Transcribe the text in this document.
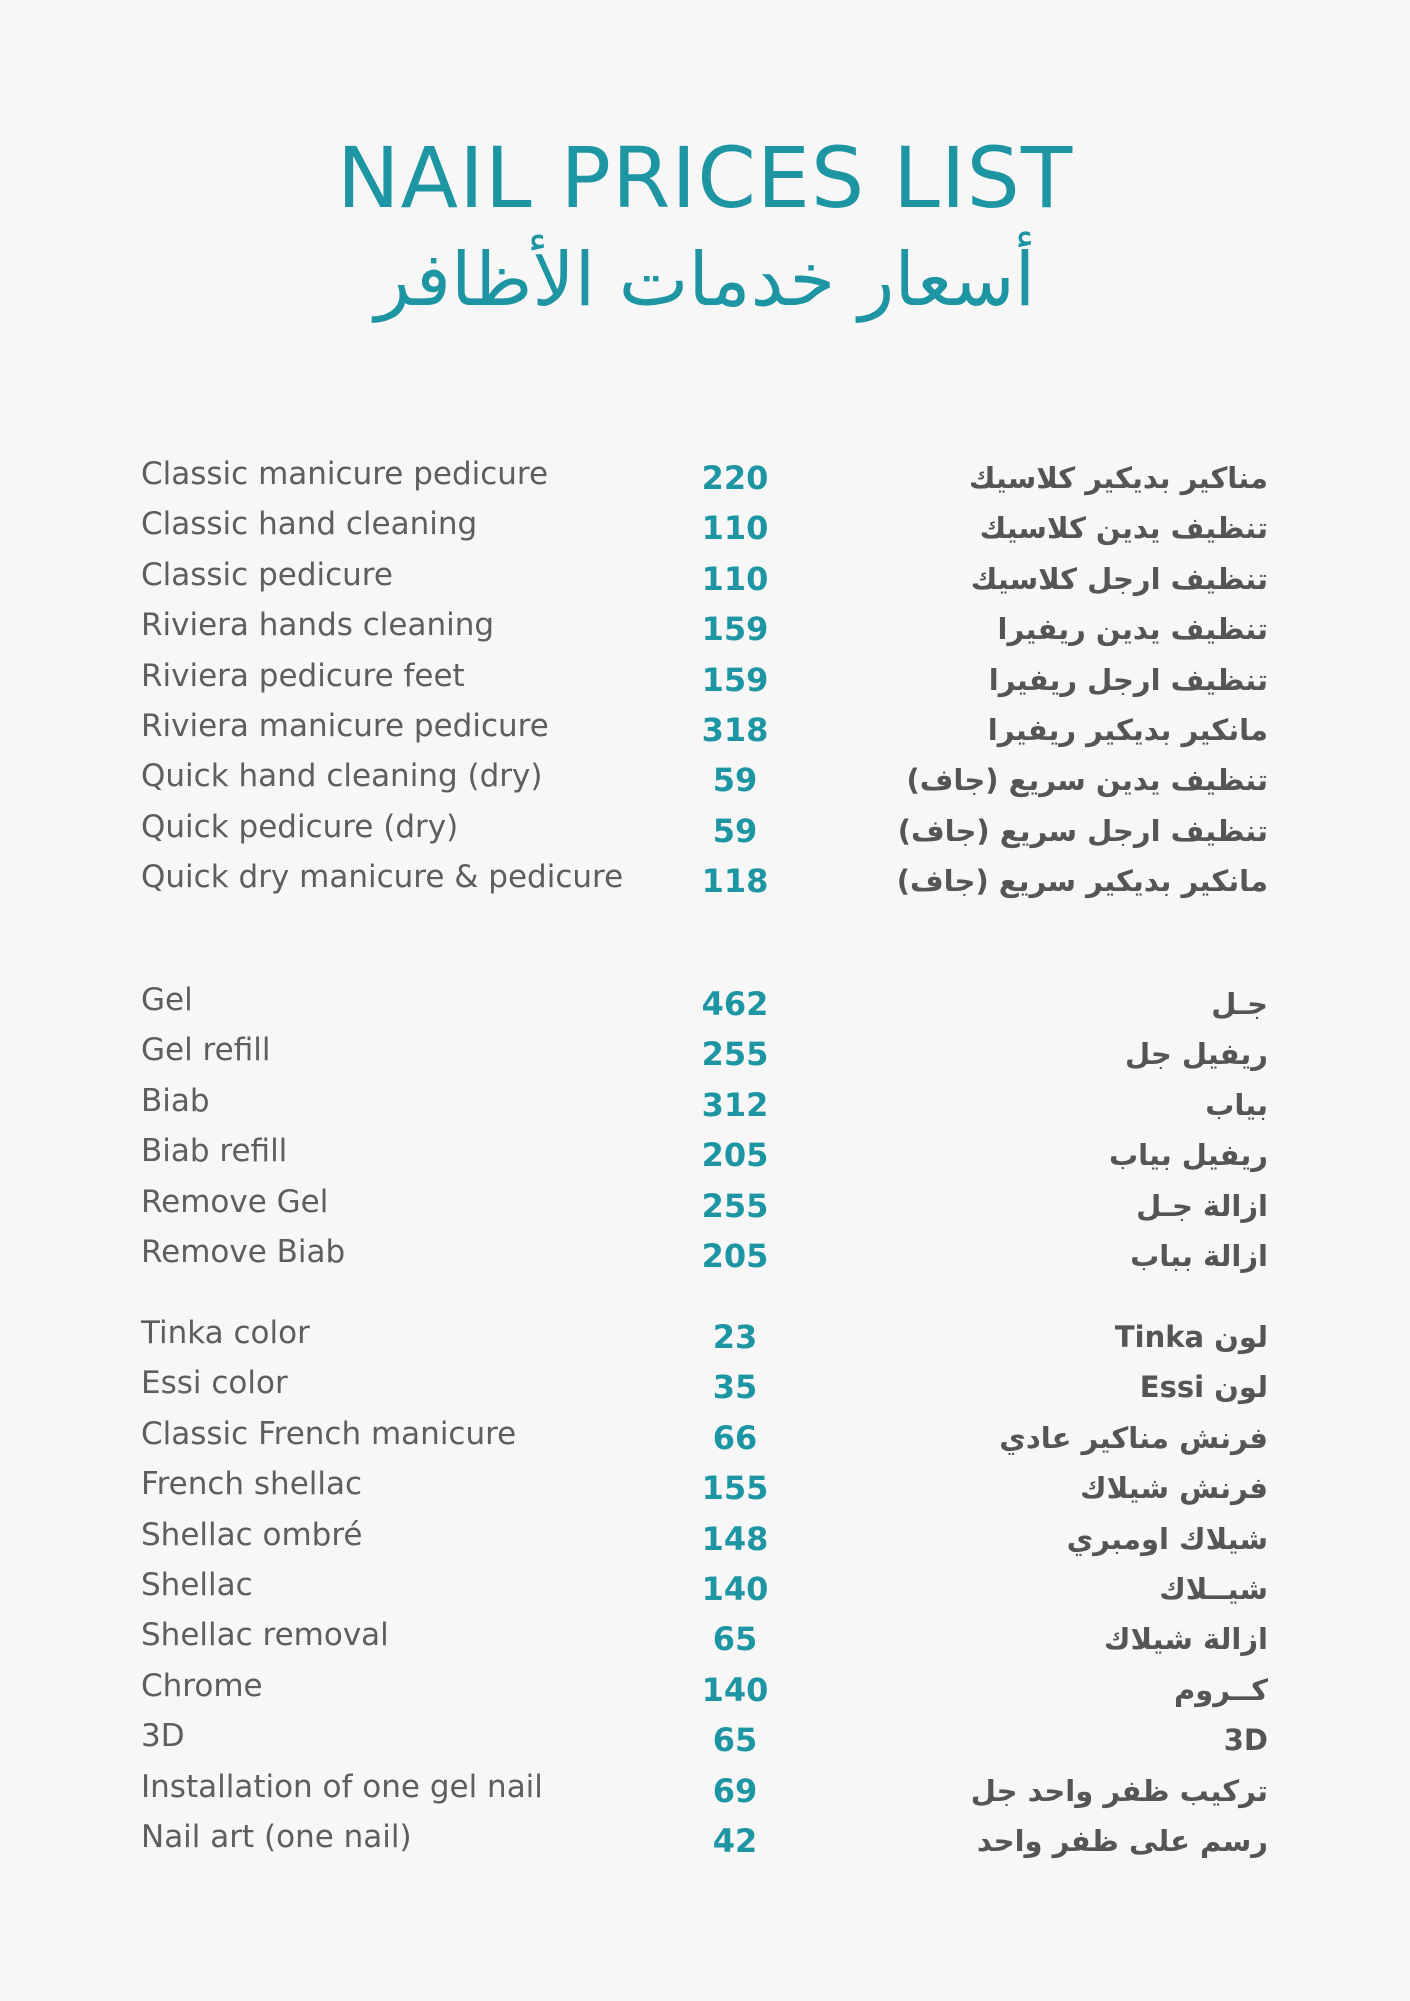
NAIL PRICES LIST
أسعار خدمات الأظافر
Classic manicure pedicure	220	مناكير بديكير كلاسيك
Classic hand cleaning	110	تنظيف يدين كلاسيك
Classic pedicure	110	تنظيف ارجل كلاسيك
Riviera hands cleaning	159	تنظيف يدين ريفيرا
Riviera pedicure feet	159	تنظيف ارجل ريفيرا
Riviera manicure pedicure	318	مانكير بديكير ريفيرا
Quick hand cleaning (dry)	59	تنظيف يدين سريع (جاف)
Quick pedicure (dry)	59	تنظيف ارجل سريع (جاف)
Quick dry manicure & pedicure	118	مانكير بديكير سريع (جاف)
Gel	462	جـل
Gel refill	255	ريفيل جل
Biab	312	بياب
Biab refill	205	ريفيل بياب
Remove Gel	255	ازالة جـل
Remove Biab	205	ازالة بباب
Tinka color	23	لون Tinka
Essi color	35	لون Essi
Classic French manicure	66	فرنش مناكير عادي
French shellac	155	فرنش شيلاك
Shellac ombré	148	شيلاك اومبري
Shellac	140	شيــلاك
Shellac removal	65	ازالة شيلاك
Chrome	140	كــروم
3D	65	3D
Installation of one gel nail	69	تركيب ظفر واحد جل
Nail art (one nail)	42	رسم على ظفر واحد
